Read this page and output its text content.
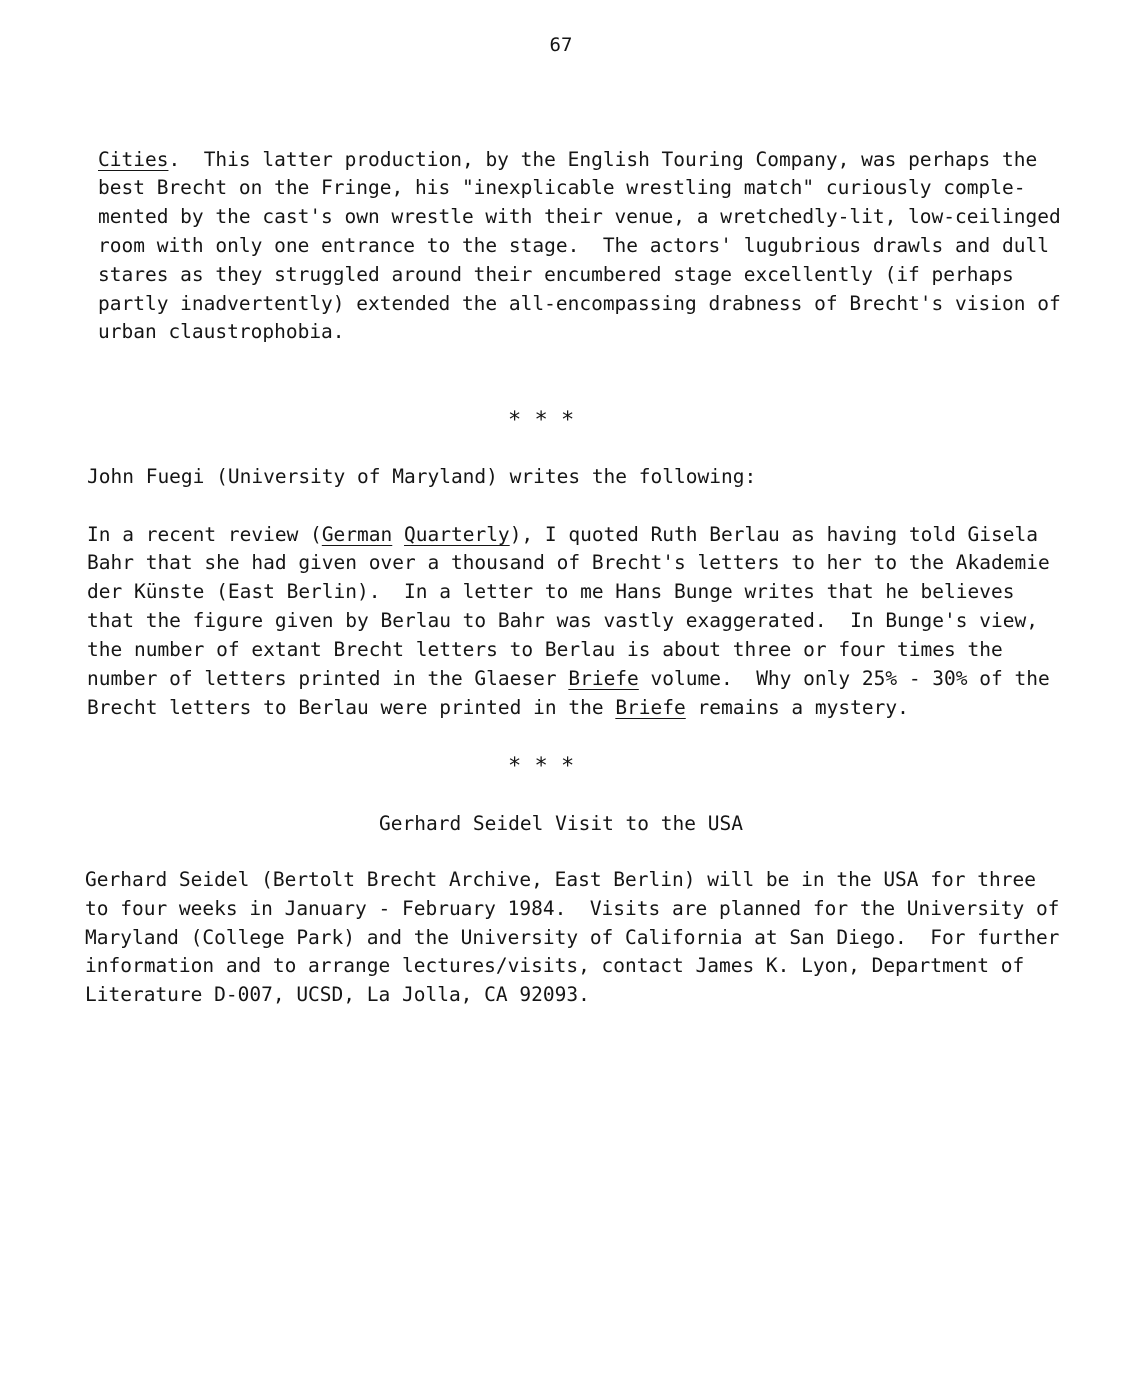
67
Cities.  This latter production, by the English Touring Company, was perhaps the
best Brecht on the Fringe, his "inexplicable wrestling match" curiously comple-
mented by the cast's own wrestle with their venue, a wretchedly-lit, low-ceilinged
room with only one entrance to the stage.  The actors' lugubrious drawls and dull
stares as they struggled around their encumbered stage excellently (if perhaps
partly inadvertently) extended the all-encompassing drabness of Brecht's vision of
urban claustrophobia.
* * *
John Fuegi (University of Maryland) writes the following:
In a recent review (German Quarterly), I quoted Ruth Berlau as having told Gisela
Bahr that she had given over a thousand of Brecht's letters to her to the Akademie
der Künste (East Berlin).  In a letter to me Hans Bunge writes that he believes
that the figure given by Berlau to Bahr was vastly exaggerated.  In Bunge's view,
the number of extant Brecht letters to Berlau is about three or four times the
number of letters printed in the Glaeser Briefe volume.  Why only 25% - 30% of the
Brecht letters to Berlau were printed in the Briefe remains a mystery.
* * *
Gerhard Seidel Visit to the USA
Gerhard Seidel (Bertolt Brecht Archive, East Berlin) will be in the USA for three
to four weeks in January - February 1984.  Visits are planned for the University of
Maryland (College Park) and the University of California at San Diego.  For further
information and to arrange lectures/visits, contact James K. Lyon, Department of
Literature D-007, UCSD, La Jolla, CA 92093.
